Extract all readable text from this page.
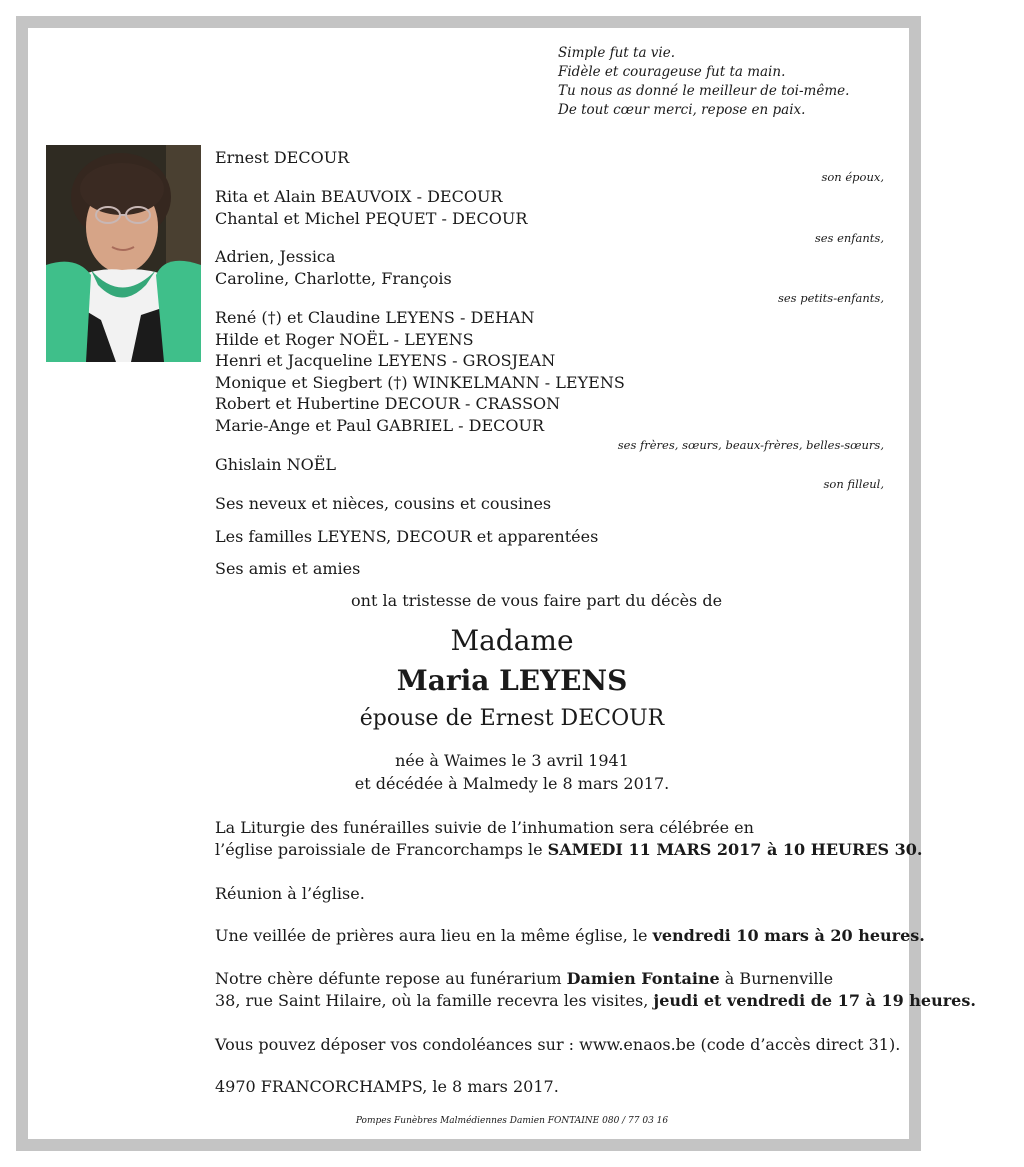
Simple fut ta vie.
Fidèle et courageuse fut ta main.
Tu nous as donné le meilleur de toi-même.
De tout cœur merci, repose en paix.
Ernest DECOUR
son époux,
Rita et Alain BEAUVOIX - DECOUR
Chantal et Michel PEQUET - DECOUR
ses enfants,
Adrien, Jessica
Caroline, Charlotte, François
ses petits-enfants,
René (†) et Claudine LEYENS - DEHAN
Hilde et Roger NOËL - LEYENS
Henri et Jacqueline LEYENS - GROSJEAN
Monique et Siegbert (†) WINKELMANN - LEYENS
Robert et Hubertine DECOUR - CRASSON
Marie-Ange et Paul GABRIEL - DECOUR
ses frères, sœurs, beaux-frères, belles-sœurs,
Ghislain NOËL
son filleul,
Ses neveux et nièces, cousins et cousines
Les familles LEYENS, DECOUR et apparentées
Ses amis et amies
ont la tristesse de vous faire part du décès de
Madame
Maria LEYENS
épouse de Ernest DECOUR
née à Waimes le 3 avril 1941
et décédée à Malmedy le 8 mars 2017.
La Liturgie des funérailles suivie de l’inhumation sera célébrée en
l’église paroissiale de Francorchamps le SAMEDI 11 MARS 2017 à 10 HEURES 30.
Réunion à l’église.
Une veillée de prières aura lieu en la même église, le vendredi 10 mars à 20 heures.
Notre chère défunte repose au funérarium Damien Fontaine à Burnenville
38, rue Saint Hilaire, où la famille recevra les visites, jeudi et vendredi de 17 à 19 heures.
Vous pouvez déposer vos condoléances sur : www.enaos.be (code d’accès direct 31).
4970 FRANCORCHAMPS, le 8 mars 2017.
Pompes Funèbres Malmédiennes Damien FONTAINE 080 / 77 03 16
